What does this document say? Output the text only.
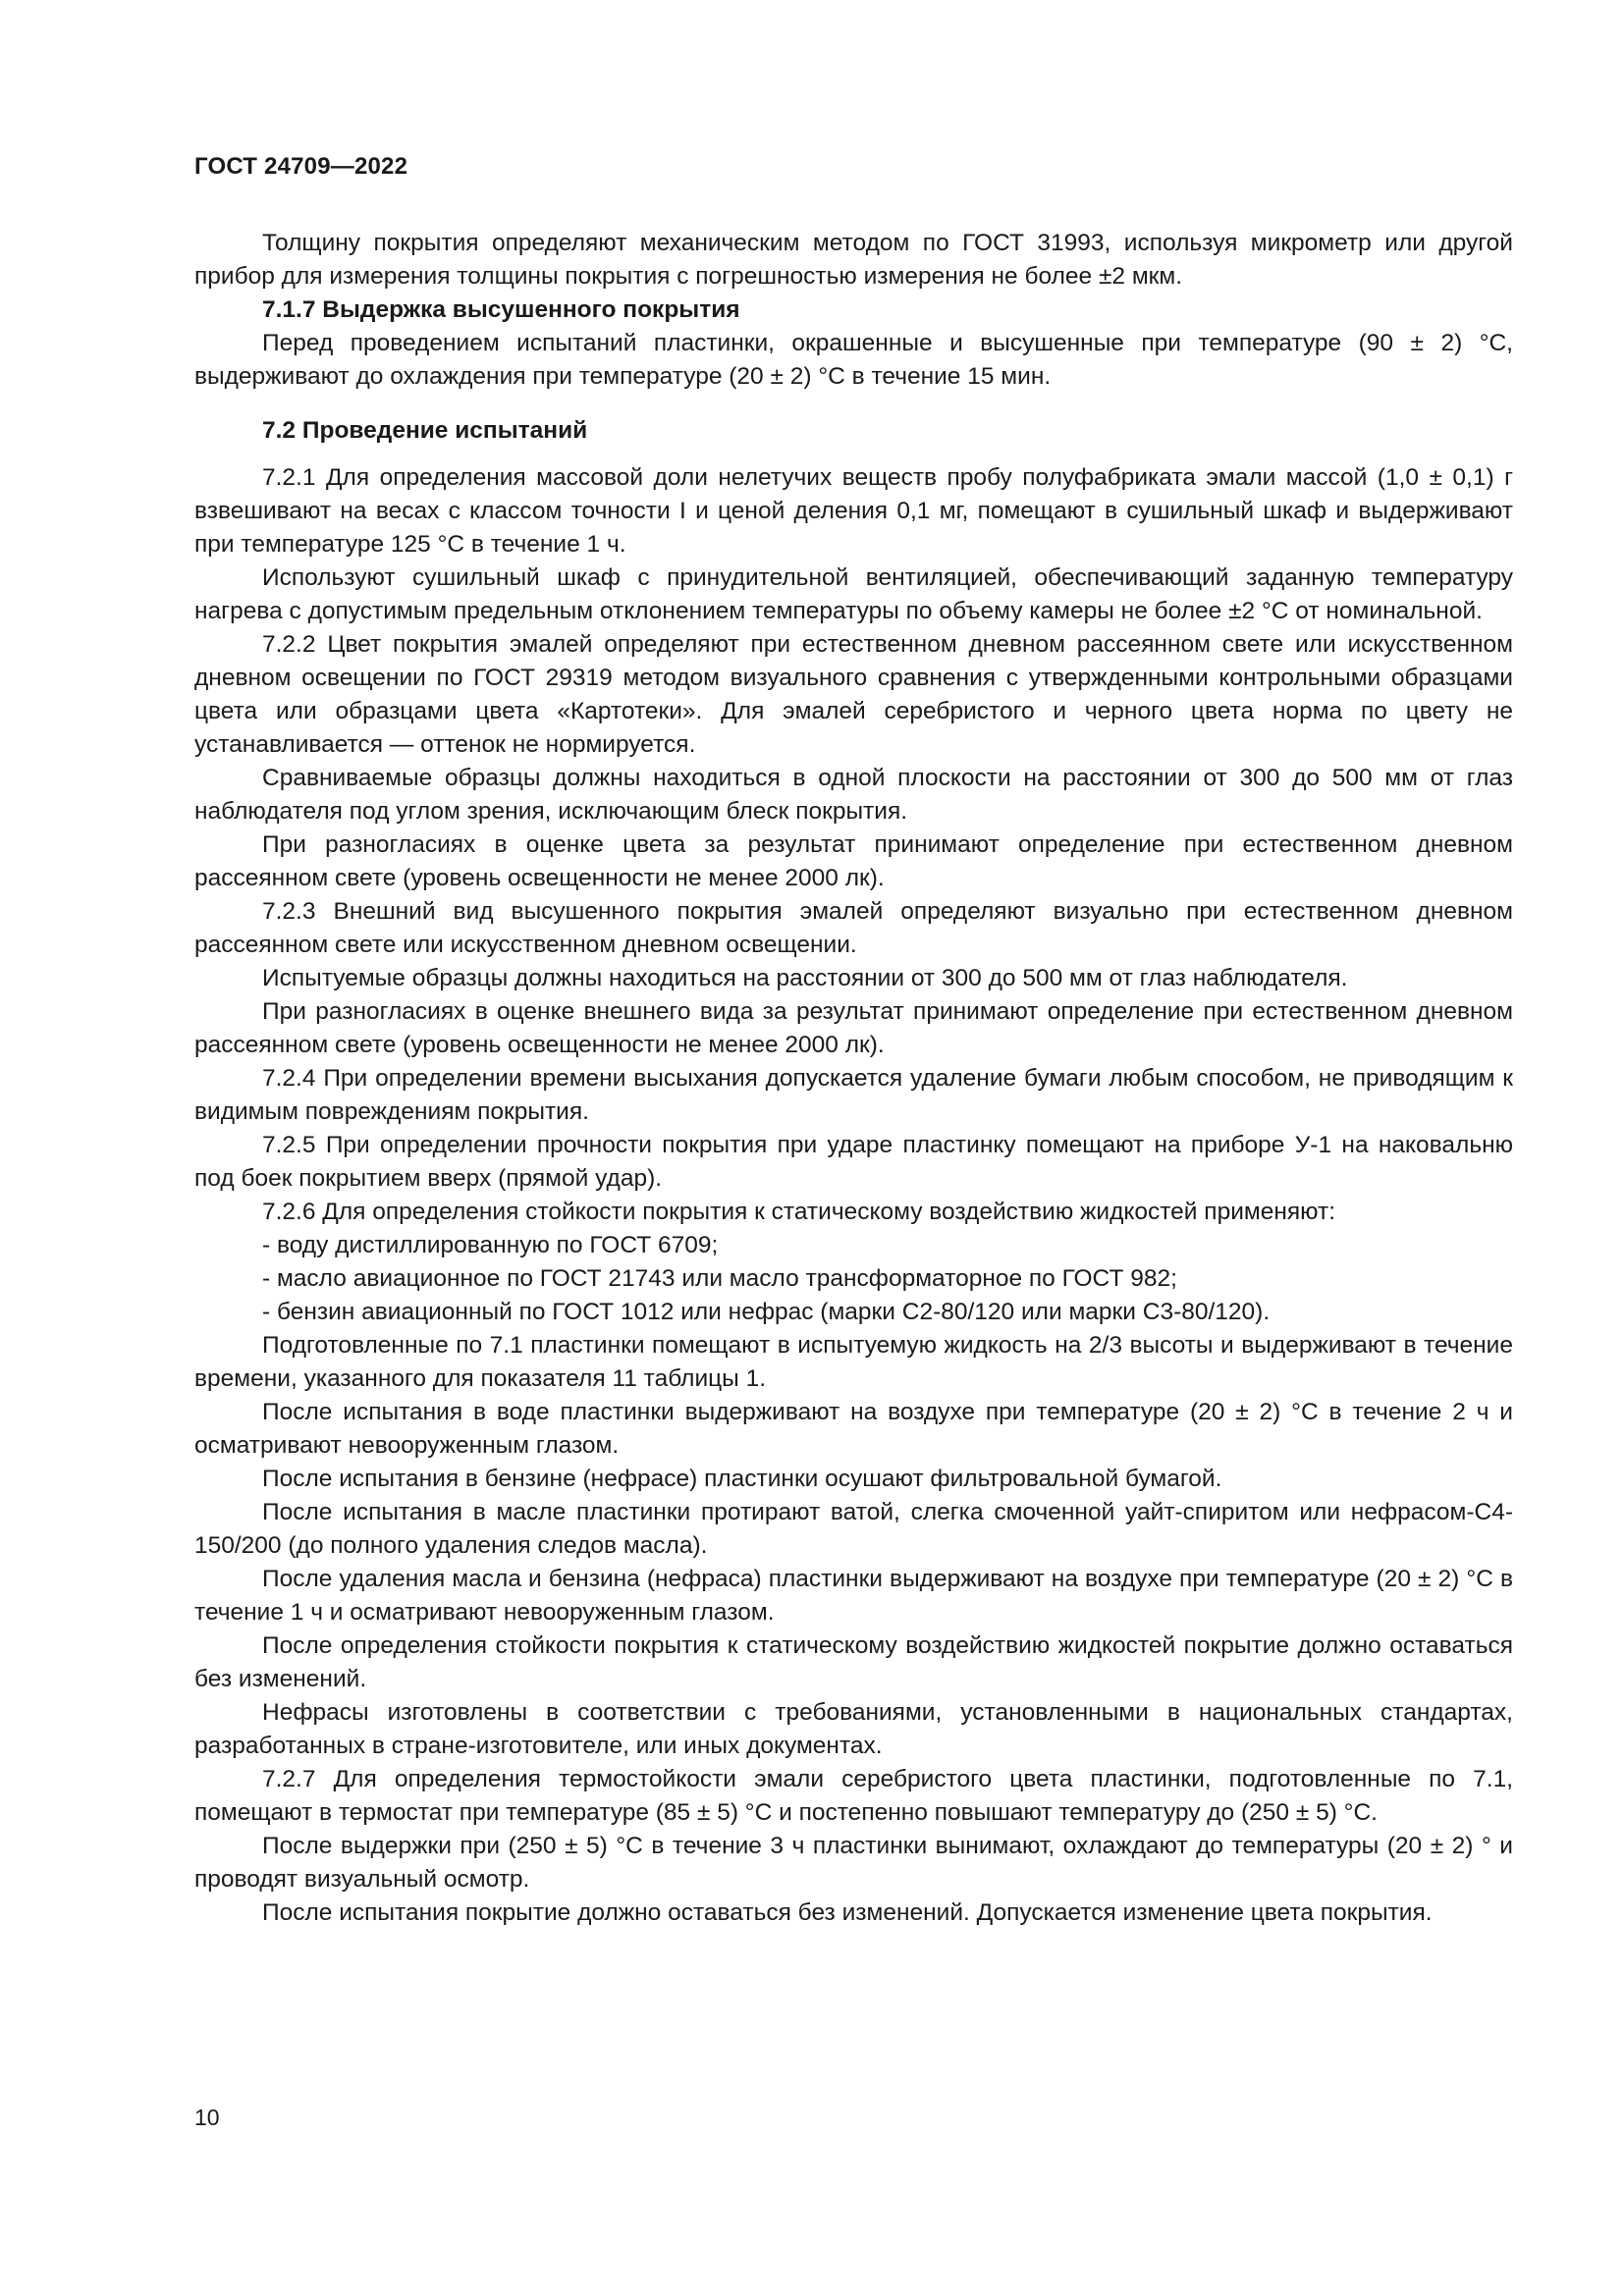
ГОСТ 24709—2022

Толщину покрытия определяют механическим методом по ГОСТ 31993, используя микрометр или другой прибор для измерения толщины покрытия с погрешностью измерения не более ±2 мкм.

7.1.7 Выдержка высушенного покрытия

Перед проведением испытаний пластинки, окрашенные и высушенные при температуре (90 ± 2) °С, выдерживают до охлаждения при температуре (20 ± 2) °С в течение 15 мин.

7.2 Проведение испытаний

7.2.1 Для определения массовой доли нелетучих веществ пробу полуфабриката эмали массой (1,0 ± 0,1) г взвешивают на весах с классом точности I и ценой деления 0,1 мг, помещают в сушильный шкаф и выдерживают при температуре 125 °С в течение 1 ч.

Используют сушильный шкаф с принудительной вентиляцией, обеспечивающий заданную температуру нагрева с допустимым предельным отклонением температуры по объему камеры не более ±2 °С от номинальной.

7.2.2 Цвет покрытия эмалей определяют при естественном дневном рассеянном свете или искусственном дневном освещении по ГОСТ 29319 методом визуального сравнения с утвержденными контрольными образцами цвета или образцами цвета «Картотеки». Для эмалей серебристого и черного цвета норма по цвету не устанавливается — оттенок не нормируется.

Сравниваемые образцы должны находиться в одной плоскости на расстоянии от 300 до 500 мм от глаз наблюдателя под углом зрения, исключающим блеск покрытия.

При разногласиях в оценке цвета за результат принимают определение при естественном дневном рассеянном свете (уровень освещенности не менее 2000 лк).

7.2.3 Внешний вид высушенного покрытия эмалей определяют визуально при естественном дневном рассеянном свете или искусственном дневном освещении.

Испытуемые образцы должны находиться на расстоянии от 300 до 500 мм от глаз наблюдателя.

При разногласиях в оценке внешнего вида за результат принимают определение при естественном дневном рассеянном свете (уровень освещенности не менее 2000 лк).

7.2.4 При определении времени высыхания допускается удаление бумаги любым способом, не приводящим к видимым повреждениям покрытия.

7.2.5 При определении прочности покрытия при ударе пластинку помещают на приборе У-1 на наковальню под боек покрытием вверх (прямой удар).

7.2.6 Для определения стойкости покрытия к статическому воздействию жидкостей применяют:

- воду дистиллированную по ГОСТ 6709;

- масло авиационное по ГОСТ 21743 или масло трансформаторное по ГОСТ 982;

- бензин авиационный по ГОСТ 1012 или нефрас (марки С2-80/120 или марки С3-80/120).

Подготовленные по 7.1 пластинки помещают в испытуемую жидкость на 2/3 высоты и выдерживают в течение времени, указанного для показателя 11 таблицы 1.

После испытания в воде пластинки выдерживают на воздухе при температуре (20 ± 2) °С в течение 2 ч и осматривают невооруженным глазом.

После испытания в бензине (нефрасе) пластинки осушают фильтровальной бумагой.

После испытания в масле пластинки протирают ватой, слегка смоченной уайт-спиритом или нефрасом-С4-150/200 (до полного удаления следов масла).

После удаления масла и бензина (нефраса) пластинки выдерживают на воздухе при температуре (20 ± 2) °С в течение 1 ч и осматривают невооруженным глазом.

После определения стойкости покрытия к статическому воздействию жидкостей покрытие должно оставаться без изменений.

Нефрасы изготовлены в соответствии с требованиями, установленными в национальных стандартах, разработанных в стране-изготовителе, или иных документах.

7.2.7 Для определения термостойкости эмали серебристого цвета пластинки, подготовленные по 7.1, помещают в термостат при температуре (85 ± 5) °С и постепенно повышают температуру до (250 ± 5) °С.

После выдержки при (250 ± 5) °С в течение 3 ч пластинки вынимают, охлаждают до температуры (20 ± 2) ° и проводят визуальный осмотр.

После испытания покрытие должно оставаться без изменений. Допускается изменение цвета покрытия.

10
